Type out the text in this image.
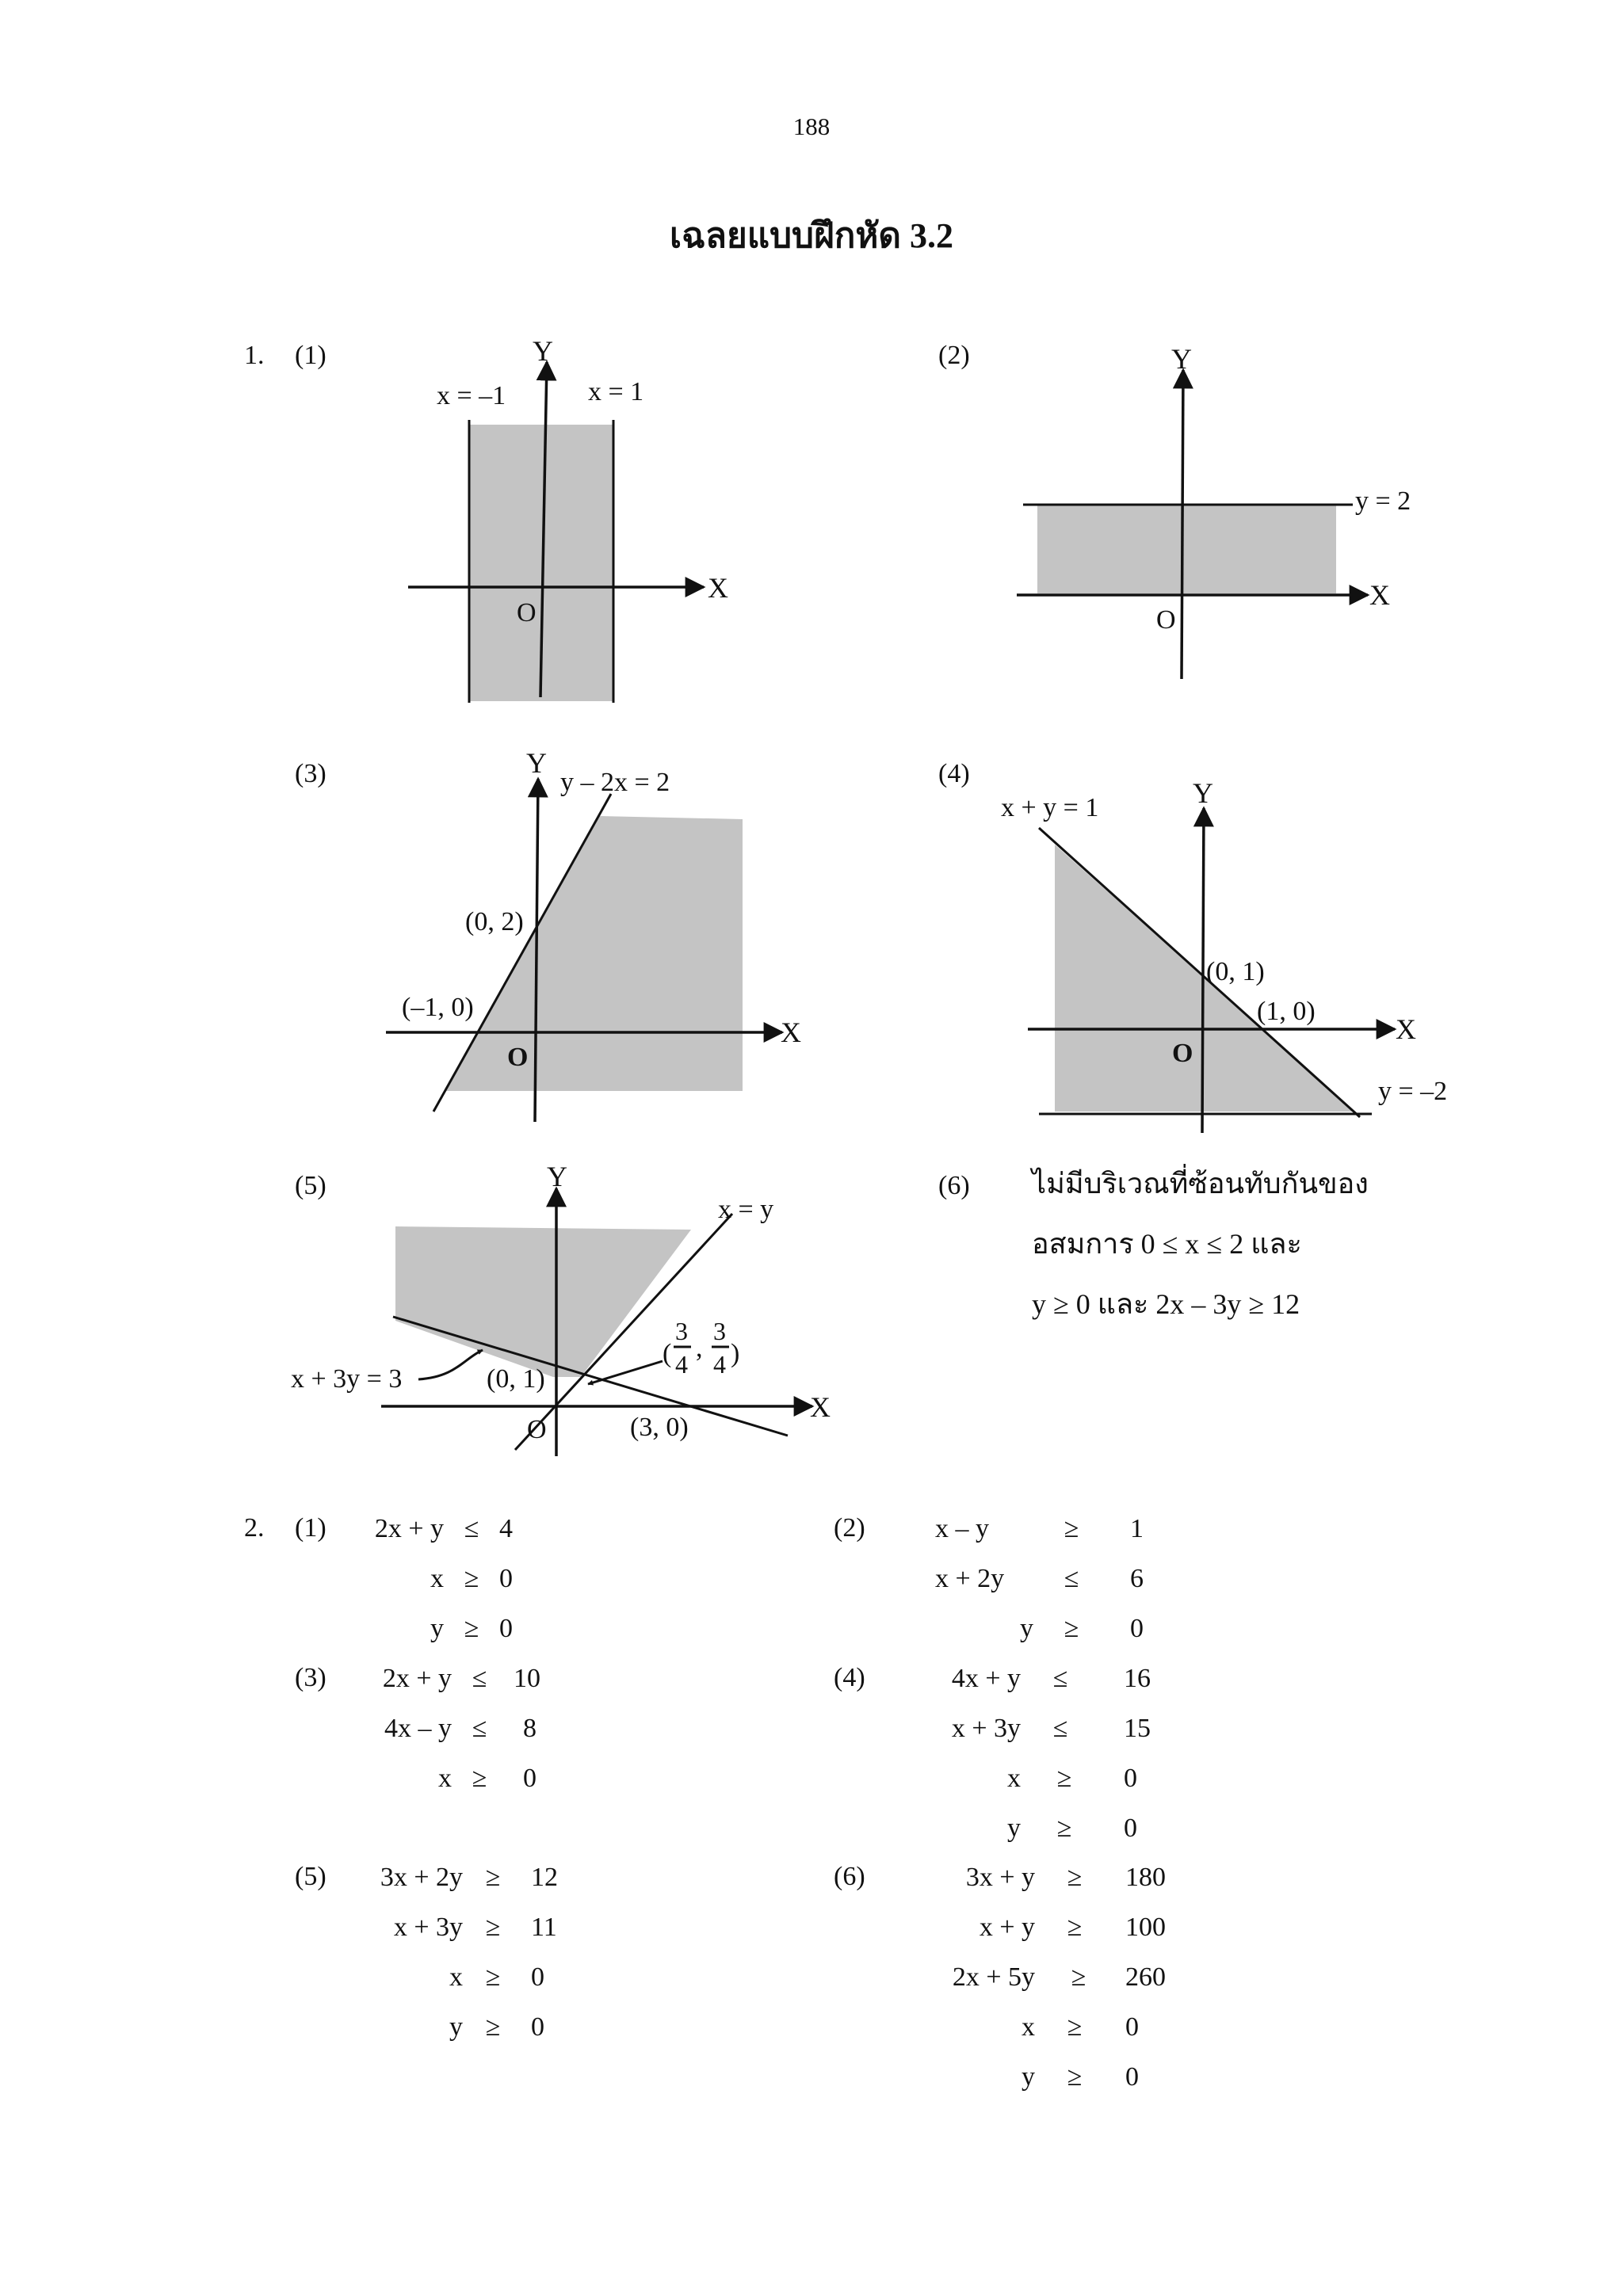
188
เฉลยแบบฝึกหัด 3.2
1. (1)	(2)
(3)	(4)
(5)	(6)
X
Y
O
x = –1	x = 1
X
Y
O
y = 2
X
Y
O
y – 2x = 2
(0, 2)
(–1, 0)
X
Y
O
x + y = 1
y = –2
(0, 1)
(1, 0)
X
Y
O
x = y
x + 3y = 3	(0, 1)
(3, 0)
(
3
4
,
3
4 )
ไม่มีบริเวณที่ซ้อนทับกันของ
อสมการ 0 ≤ x ≤ 2 และ
y ≥ 0 และ 2x – 3y ≥ 12
2. (1)	(2)
(3)	(4)
(5)	(6)
2x + y	≤	4
x	≥	0
y	≥	0
x – y	≥	1
x + 2y	≤	6
y	≥	0
2x + y	≤	10
4x – y	≤	8
x	≥	0
4x + y	≤	16
x + 3y	≤	15
x	≥	0
y	≥	0
3x + 2y	≥	12
x + 3y	≥	11
x	≥	0
y	≥	0
3x + y	≥	180
x + y	≥	100
2x + 5y	≥	260
x	≥	0
y	≥	0
